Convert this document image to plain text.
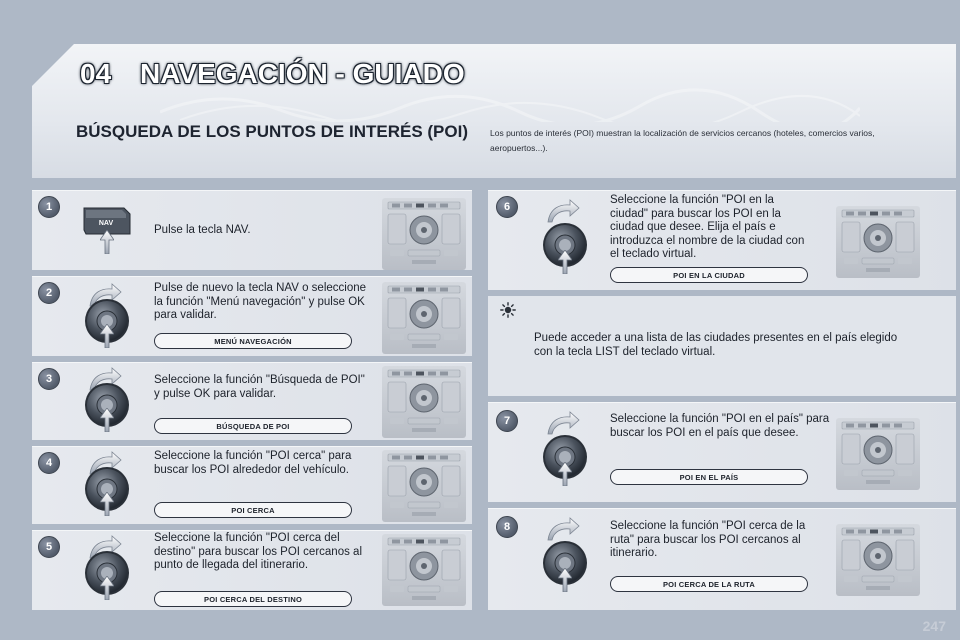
04 NAVEGACIÓN - GUIADO
BÚSQUEDA DE LOS PUNTOS DE INTERÉS (POI)	Los puntos de interés (POI) muestran la localización de servicios cercanos (hoteles, comercios varios, aeropuertos...).
1
2
3
4
5
6
7
8
NAV
Pulse la tecla NAV.
Pulse de nuevo la tecla NAV o seleccione la función "Menú navegación" y pulse OK para validar.
Seleccione la función "Búsqueda de POI" y pulse OK para validar.
Seleccione la función "POI cerca" para buscar los POI alrededor del vehículo.
Seleccione la función "POI cerca del destino" para buscar los POI cercanos al punto de llegada del itinerario.
Seleccione la función "POI en la ciudad" para buscar los POI en la ciudad que desee. Elija el país e introduzca el nombre de la ciudad con el teclado virtual.
Seleccione la función "POI en el país" para buscar los POI en el país que desee.
Seleccione la función "POI cerca de la ruta" para buscar los POI cercanos al itinerario.
MENÚ NAVEGACIÓN
BÚSQUEDA DE POI
POI CERCA
POI CERCA DEL DESTINO
POI EN LA CIUDAD
POI EN EL PAÍS
POI CERCA DE LA RUTA
Puede acceder a una lista de las ciudades presentes en el país elegido con la tecla LIST del teclado virtual.
247
